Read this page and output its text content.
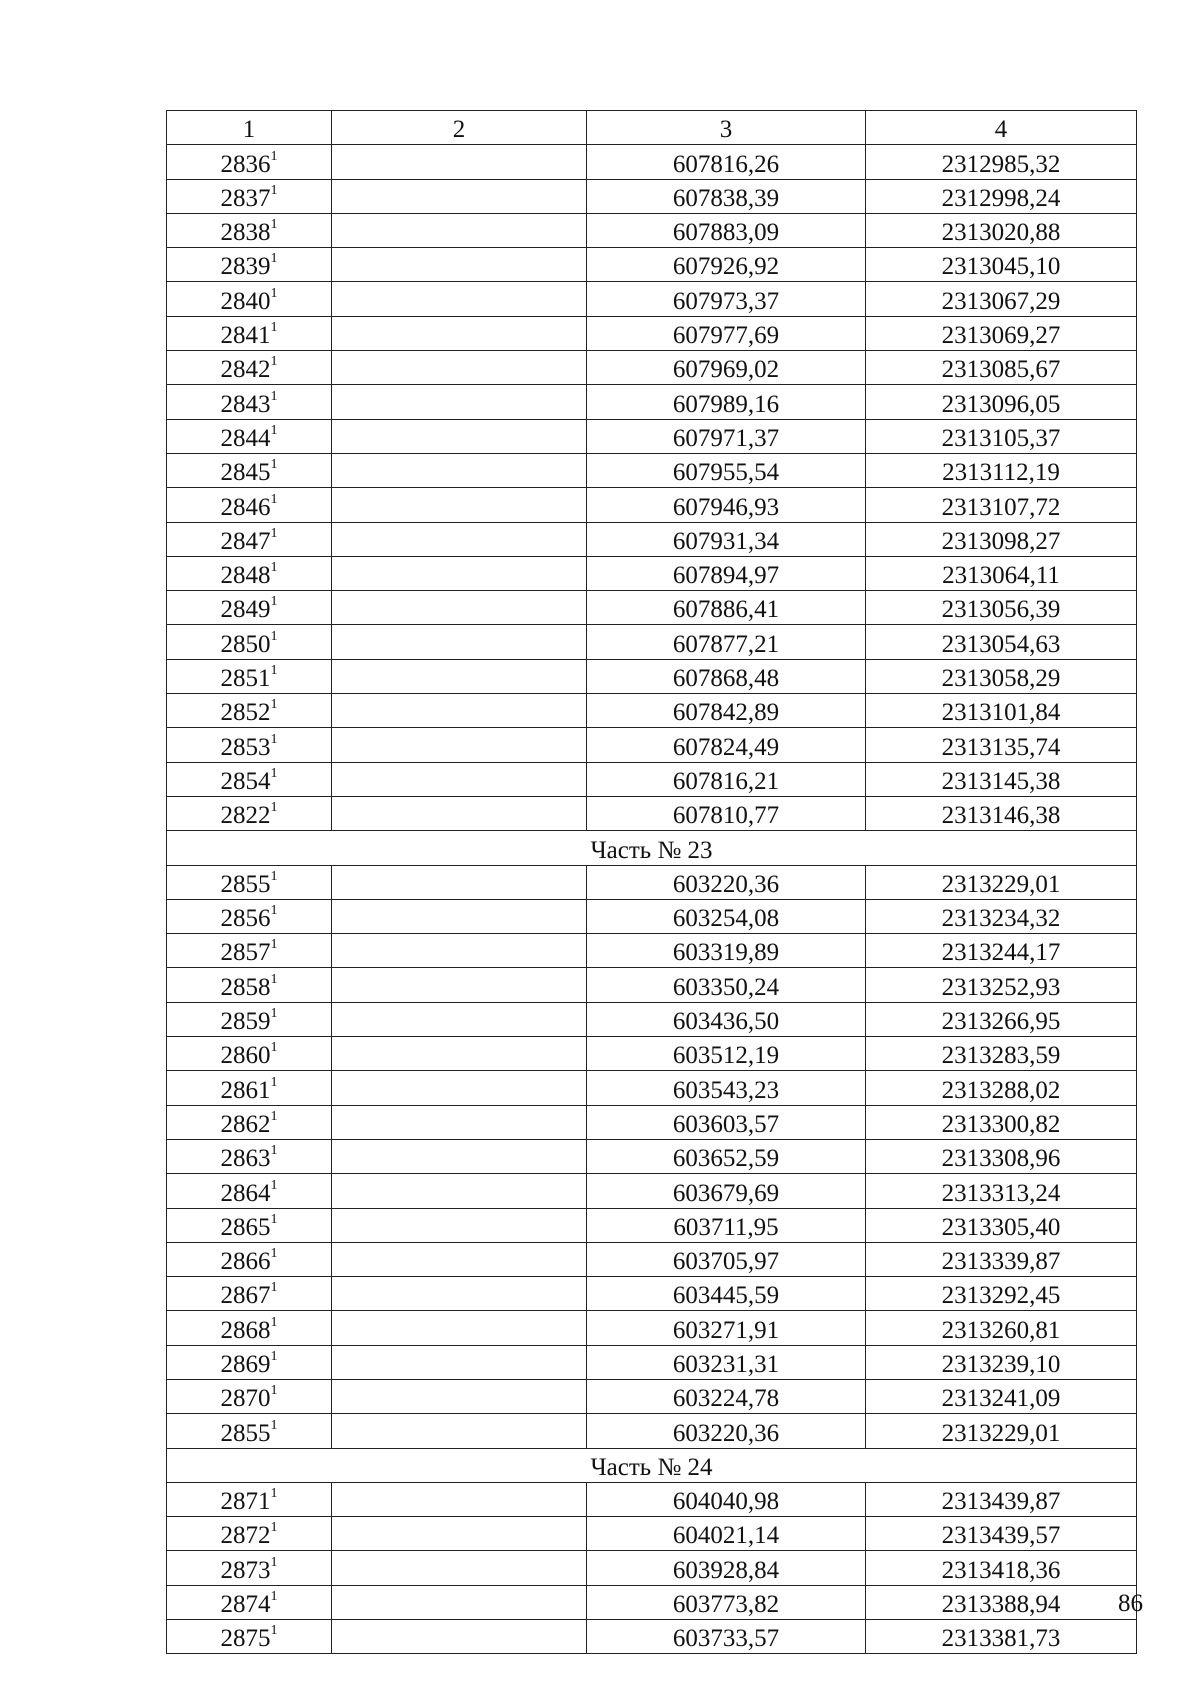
1	2	3	4
2836$^1$		607816,26	2312985,32
2837$^1$		607838,39	2312998,24
2838$^1$		607883,09	2313020,88
2839$^1$		607926,92	2313045,10
2840$^1$		607973,37	2313067,29
2841$^1$		607977,69	2313069,27
2842$^1$		607969,02	2313085,67
2843$^1$		607989,16	2313096,05
2844$^1$		607971,37	2313105,37
2845$^1$		607955,54	2313112,19
2846$^1$		607946,93	2313107,72
2847$^1$		607931,34	2313098,27
2848$^1$		607894,97	2313064,11
2849$^1$		607886,41	2313056,39
2850$^1$		607877,21	2313054,63
2851$^1$		607868,48	2313058,29
2852$^1$		607842,89	2313101,84
2853$^1$		607824,49	2313135,74
2854$^1$		607816,21	2313145,38
2822$^1$		607810,77	2313146,38
Часть № 23			
2855$^1$		603220,36	2313229,01
2856$^1$		603254,08	2313234,32
2857$^1$		603319,89	2313244,17
2858$^1$		603350,24	2313252,93
2859$^1$		603436,50	2313266,95
2860$^1$		603512,19	2313283,59
2861$^1$		603543,23	2313288,02
2862$^1$		603603,57	2313300,82
2863$^1$		603652,59	2313308,96
2864$^1$		603679,69	2313313,24
2865$^1$		603711,95	2313305,40
2866$^1$		603705,97	2313339,87
2867$^1$		603445,59	2313292,45
2868$^1$		603271,91	2313260,81
2869$^1$		603231,31	2313239,10
2870$^1$		603224,78	2313241,09
2855$^1$		603220,36	2313229,01
Часть № 24			
2871$^1$		604040,98	2313439,87
2872$^1$		604021,14	2313439,57
2873$^1$		603928,84	2313418,36
2874$^1$		603773,82	2313388,94
2875$^1$		603733,57	2313381,73
86
